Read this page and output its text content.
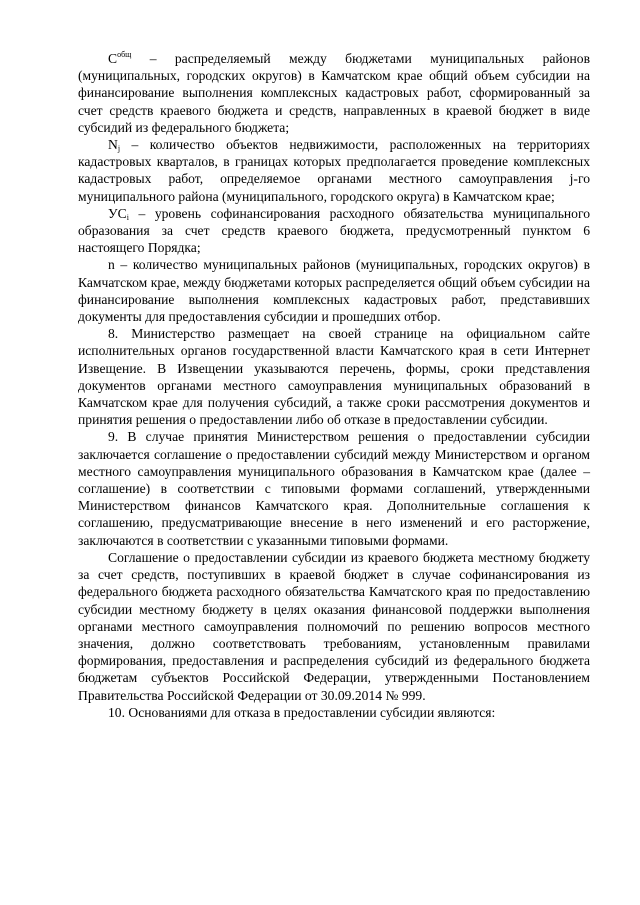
$C^{общ}$ – распределяемый между бюджетами муниципальных районов (муниципальных, городских округов) в Камчатском крае общий объем субсидии на финансирование выполнения комплексных кадастровых работ, сформированный за счет средств краевого бюджета и средств, направленных в краевой бюджет в виде субсидий из федерального бюджета;

$N_j$ – количество объектов недвижимости, расположенных на территориях кадастровых кварталов, в границах которых предполагается проведение комплексных кадастровых работ, определяемое органами местного самоуправления j-го муниципального района (муниципального, городского округа) в Камчатском крае;

$УС_i$ – уровень софинансирования расходного обязательства муниципального образования за счет средств краевого бюджета, предусмотренный пунктом 6 настоящего Порядка;

n – количество муниципальных районов (муниципальных, городских округов) в Камчатском крае, между бюджетами которых распределяется общий объем субсидии на финансирование выполнения комплексных кадастровых работ, представивших документы для предоставления субсидии и прошедших отбор.

8. Министерство размещает на своей странице на официальном сайте исполнительных органов государственной власти Камчатского края в сети Интернет Извещение. В Извещении указываются перечень, формы, сроки представления документов органами местного самоуправления муниципальных образований в Камчатском крае для получения субсидий, а также сроки рассмотрения документов и принятия решения о предоставлении либо об отказе в предоставлении субсидии.

9. В случае принятия Министерством решения о предоставлении субсидии заключается соглашение о предоставлении субсидий между Министерством и органом местного самоуправления муниципального образования в Камчатском крае (далее – соглашение) в соответствии с типовыми формами соглашений, утвержденными Министерством финансов Камчатского края. Дополнительные соглашения к соглашению, предусматривающие внесение в него изменений и его расторжение, заключаются в соответствии с указанными типовыми формами.

Соглашение о предоставлении субсидии из краевого бюджета местному бюджету за счет средств, поступивших в краевой бюджет в случае софинансирования из федерального бюджета расходного обязательства Камчатского края по предоставлению субсидии местному бюджету в целях оказания финансовой поддержки выполнения органами местного самоуправления полномочий по решению вопросов местного значения, должно соответствовать требованиям, установленным правилами формирования, предоставления и распределения субсидий из федерального бюджета бюджетам субъектов Российской Федерации, утвержденными Постановлением Правительства Российской Федерации от 30.09.2014 № 999.

10. Основаниями для отказа в предоставлении субсидии являются:
